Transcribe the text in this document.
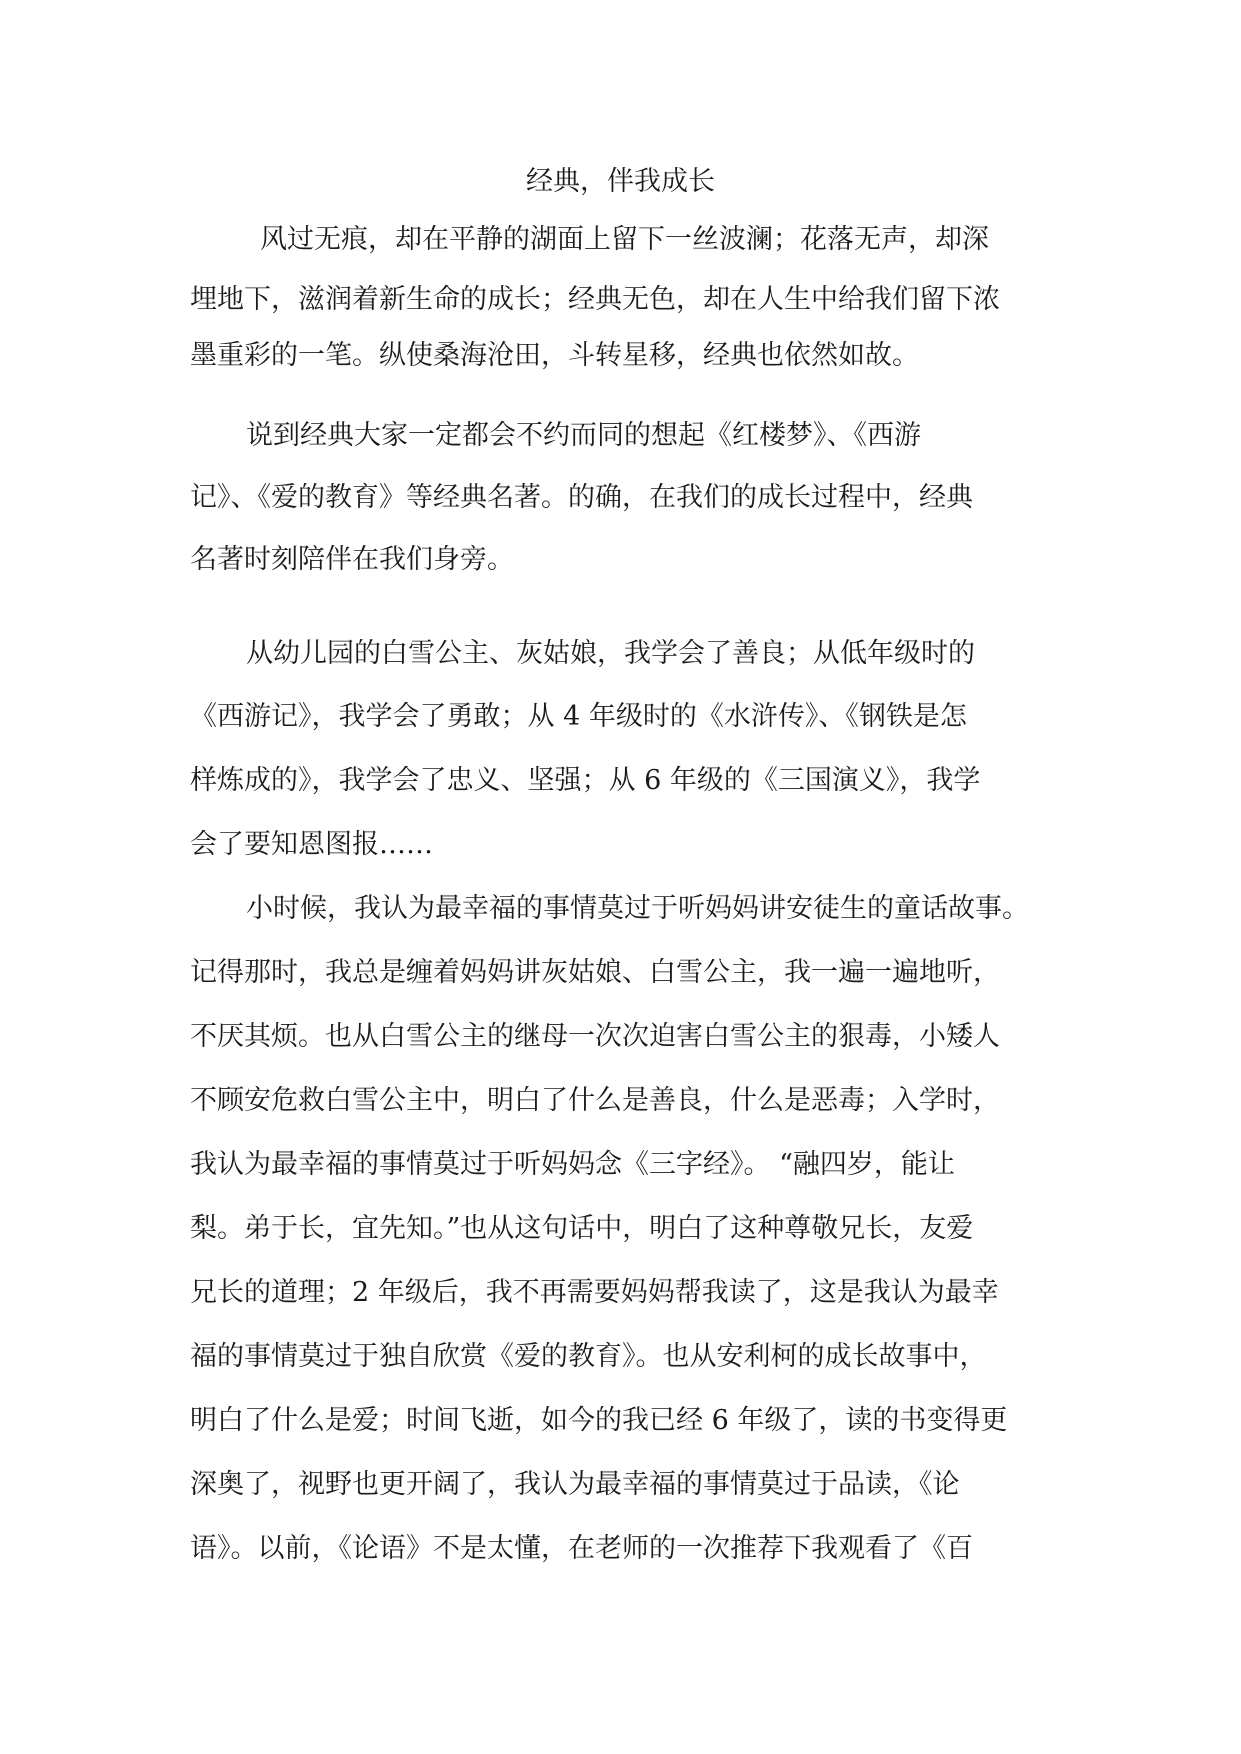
经典，伴我成长

风过无痕，却在平静的湖面上留下一丝波澜；花落无声，却深

埋地下，滋润着新生命的成长；经典无色，却在人生中给我们留下浓

墨重彩的一笔。纵使桑海沧田，斗转星移，经典也依然如故。

说到经典大家一定都会不约而同的想起《红楼梦》、《西游

记》、《爱的教育》等经典名著。的确，在我们的成长过程中，经典

名著时刻陪伴在我们身旁。

从幼儿园的白雪公主、灰姑娘，我学会了善良；从低年级时的

《西游记》，我学会了勇敢；从 4 年级时的《水浒传》、《钢铁是怎

样炼成的》，我学会了忠义、坚强；从 6 年级的《三国演义》，我学

会了要知恩图报……

小时候，我认为最幸福的事情莫过于听妈妈讲安徒生的童话故事。

记得那时，我总是缠着妈妈讲灰姑娘、白雪公主，我一遍一遍地听，

不厌其烦。也从白雪公主的继母一次次迫害白雪公主的狠毒，小矮人

不顾安危救白雪公主中，明白了什么是善良，什么是恶毒；入学时，

我认为最幸福的事情莫过于听妈妈念《三字经》。 “融四岁，能让

梨。弟于长，宜先知。”也从这句话中，明白了这种尊敬兄长，友爱

兄长的道理；2 年级后，我不再需要妈妈帮我读了，这是我认为最幸

福的事情莫过于独自欣赏《爱的教育》。也从安利柯的成长故事中，

明白了什么是爱；时间飞逝，如今的我已经 6 年级了，读的书变得更

深奥了，视野也更开阔了，我认为最幸福的事情莫过于品读，《论

语》。以前，《论语》不是太懂，在老师的一次推荐下我观看了《百
